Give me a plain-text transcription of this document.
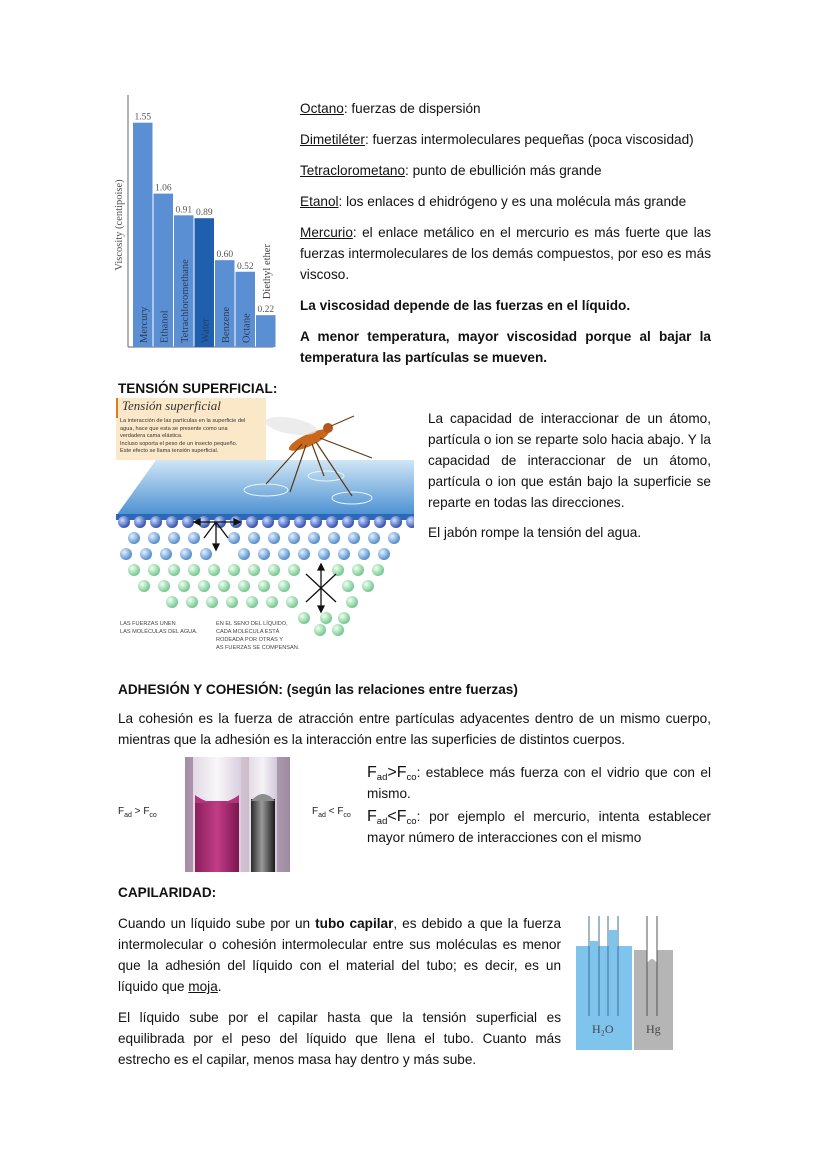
1.55
Mercury
1.06
Ethanol
0.91
Tetrachloromethane
0.89
Water
0.60
Benzene
0.52
Octane
0.22
Diethyl ether
Viscosity (centipoise)

Octano: fuerzas de dispersión

Dimetiléter: fuerzas intermoleculares pequeñas (poca viscosidad)

Tetraclorometano: punto de ebullición más grande

Etanol: los enlaces d ehidrógeno y es una molécula más grande

Mercurio: el enlace metálico en el mercurio es más fuerte que las fuerzas intermoleculares de los demás compuestos, por eso es más viscoso.

La viscosidad depende de las fuerzas en el líquido.

A menor temperatura, mayor viscosidad porque al bajar la temperatura las partículas se mueven.

TENSIÓN SUPERFICIAL:
Tensión superficial
La interacción de las partículas en la superficie del
agua, hace que esta se presente como una
verdadera cama elástica.
Incluso soporta el peso de un insecto pequeño.
Este efecto se llama tensión superficial.
LAS FUERZAS UNEN
LAS MOLÉCULAS DEL AGUA.
EN EL SENO DEL LÍQUIDO,
CADA MOLÉCULA ESTÁ
RODEADA POR OTRAS Y
AS FUERZAS SE COMPENSAN.

La capacidad de interaccionar de un átomo, partícula o ion se reparte solo hacia abajo. Y la capacidad de interaccionar de un átomo, partícula o ion que están bajo la superficie se reparte en todas las direcciones.

El jabón rompe la tensión del agua.

ADHESIÓN Y COHESIÓN: (según las relaciones entre fuerzas)

La cohesión es la fuerza de atracción entre partículas adyacentes dentro de un mismo cuerpo, mientras que la adhesión es la interacción entre las superficies de distintos cuerpos.

$F_{ad} > F_{co}$	$F_{ad} < F_{co}$

$F_{ad}>F_{co}$: establece más fuerza con el vidrio que con el mismo.

$F_{ad}<F_{co}$: por ejemplo el mercurio, intenta establecer mayor número de interacciones con el mismo

CAPILARIDAD:

Cuando un líquido sube por un tubo capilar, es debido a que la fuerza intermolecular o cohesión intermolecular entre sus moléculas es menor que la adhesión del líquido con el material del tubo; es decir, es un líquido que moja.

El líquido sube por el capilar hasta que la tensión superficial es equilibrada por el peso del líquido que llena el tubo. Cuanto más estrecho es el capilar, menos masa hay dentro y más sube.

H₂O	Hg
